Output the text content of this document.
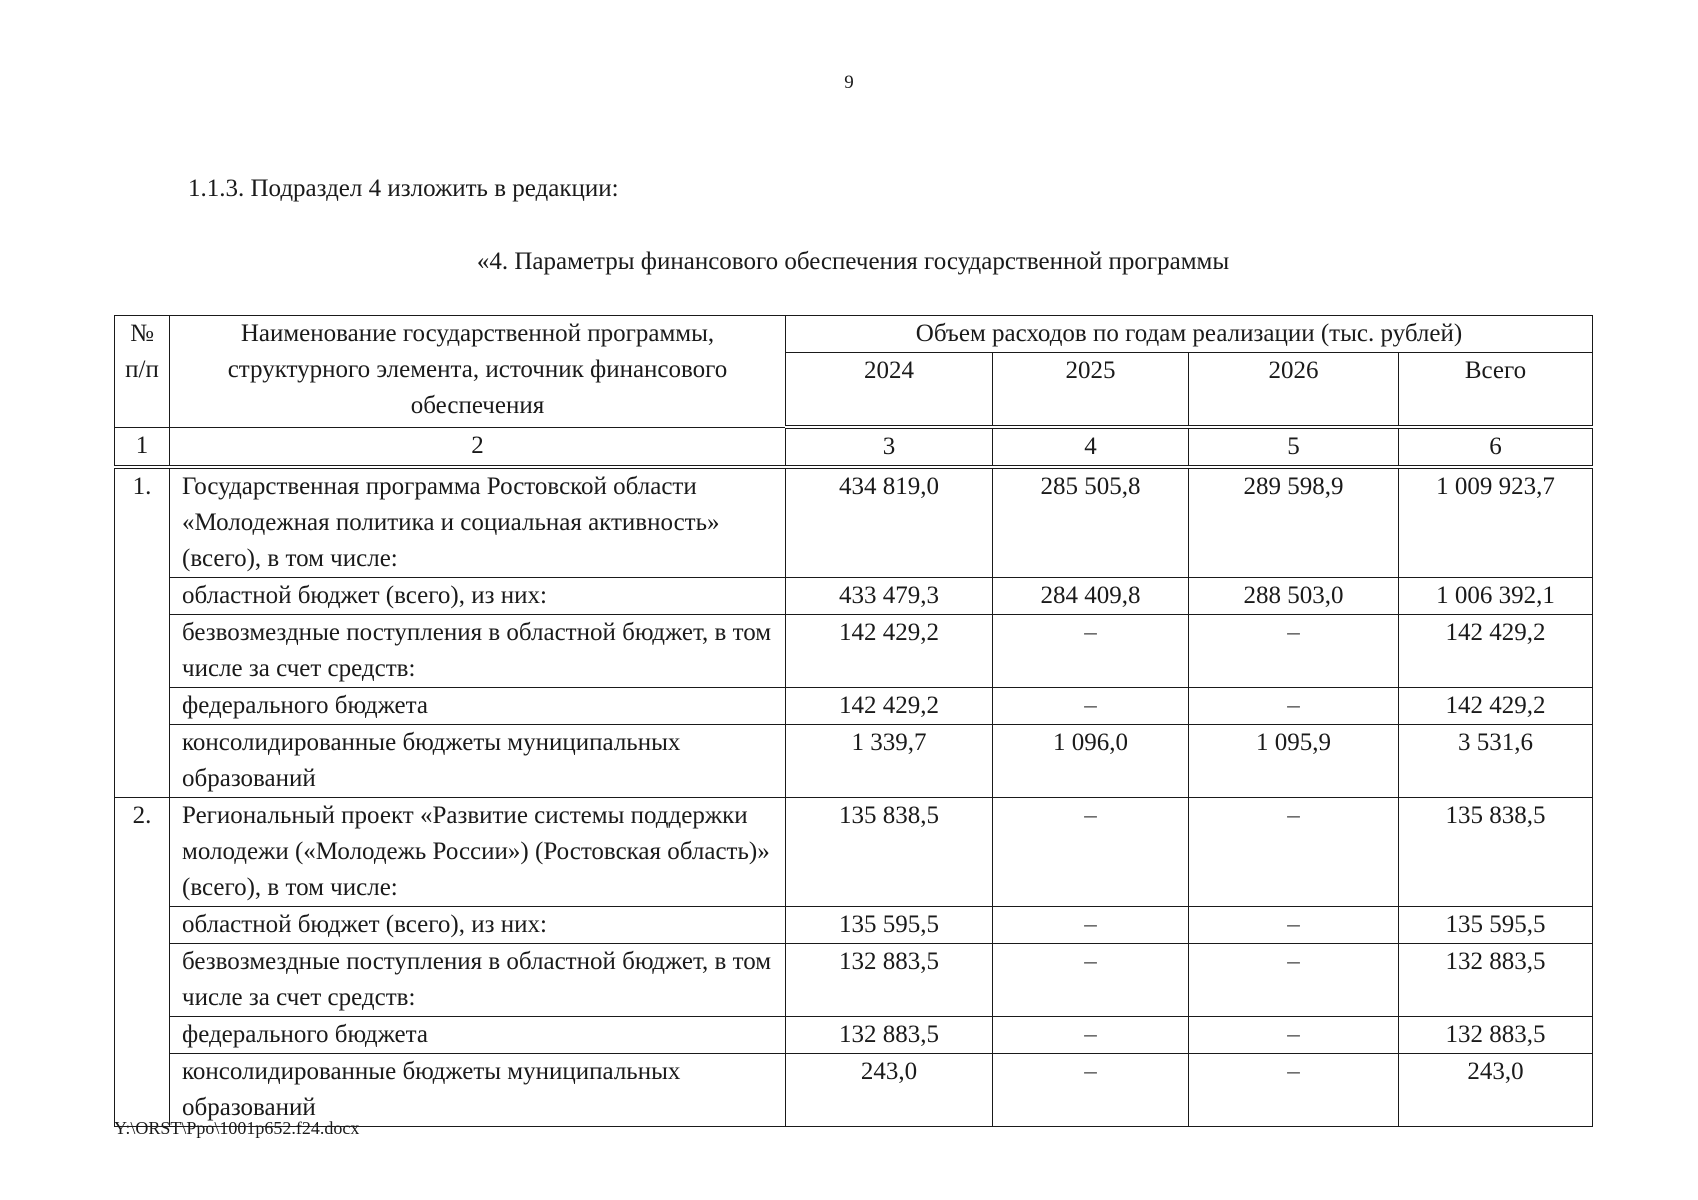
9
1.1.3. Подраздел 4 изложить в редакции:
«4. Параметры финансового обеспечения государственной программы
№ п/п	Наименование государственной программы, структурного элемента, источник финансового обеспечения	Объем расходов по годам реализации (тыс. рублей)			
		2024	2025	2026	Всего
1	2	3	4	5	6
1.	Государственная программа Ростовской области «Молодежная политика и социальная активность» (всего), в том числе:	434 819,0	285 505,8	289 598,9	1 009 923,7
	областной бюджет (всего), из них:	433 479,3	284 409,8	288 503,0	1 006 392,1
	безвозмездные поступления в областной бюджет, в том числе за счет средств:	142 429,2	–	–	142 429,2
	федерального бюджета	142 429,2	–	–	142 429,2
	консолидированные бюджеты муниципальных образований	1 339,7	1 096,0	1 095,9	3 531,6
2.	Региональный проект «Развитие системы поддержки молодежи («Молодежь России») (Ростовская область)» (всего), в том числе:	135 838,5	–	–	135 838,5
	областной бюджет (всего), из них:	135 595,5	–	–	135 595,5
	безвозмездные поступления в областной бюджет, в том числе за счет средств:	132 883,5	–	–	132 883,5
	федерального бюджета	132 883,5	–	–	132 883,5
	консолидированные бюджеты муниципальных образований	243,0	–	–	243,0
Y:\ORST\Ppo\1001p652.f24.docx
